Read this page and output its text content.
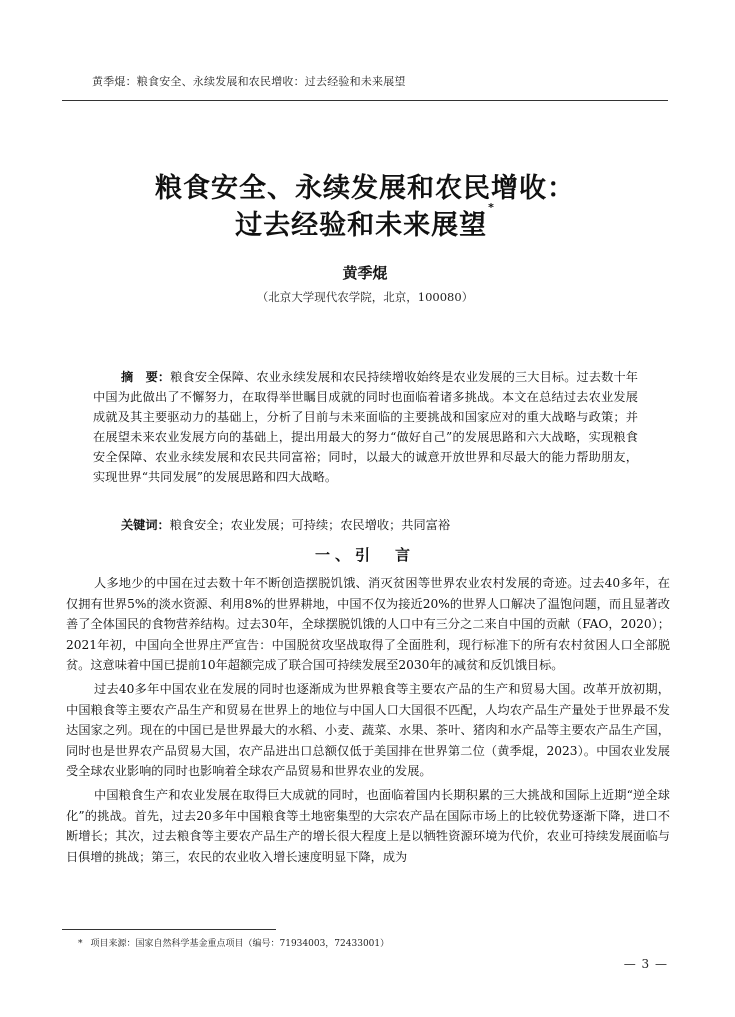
黄季焜：粮食安全、永续发展和农民增收：过去经验和未来展望
粮食安全、永续发展和农民增收：
过去经验和未来展望*
黄季焜
（北京大学现代农学院，北京，100080）
摘　要：粮食安全保障、农业永续发展和农民持续增收始终是农业发展的三大目标。过去数十年中国为此做出了不懈努力，在取得举世瞩目成就的同时也面临着诸多挑战。本文在总结过去农业发展成就及其主要驱动力的基础上，分析了目前与未来面临的主要挑战和国家应对的重大战略与政策；并在展望未来农业发展方向的基础上，提出用最大的努力“做好自己”的发展思路和六大战略，实现粮食安全保障、农业永续发展和农民共同富裕；同时，以最大的诚意开放世界和尽最大的能力帮助朋友，实现世界“共同发展”的发展思路和四大战略。
关键词：粮食安全；农业发展；可持续；农民增收；共同富裕
一、引　言

人多地少的中国在过去数十年不断创造摆脱饥饿、消灭贫困等世界农业农村发展的奇迹。过去40多年，在仅拥有世界5%的淡水资源、利用8%的世界耕地，中国不仅为接近20%的世界人口解决了温饱问题，而且显著改善了全体国民的食物营养结构。过去30年，全球摆脱饥饿的人口中有三分之二来自中国的贡献（FAO，2020）；2021年初，中国向全世界庄严宣告：中国脱贫攻坚战取得了全面胜利，现行标准下的所有农村贫困人口全部脱贫。这意味着中国已提前10年超额完成了联合国可持续发展至2030年的减贫和反饥饿目标。

过去40多年中国农业在发展的同时也逐渐成为世界粮食等主要农产品的生产和贸易大国。改革开放初期，中国粮食等主要农产品生产和贸易在世界上的地位与中国人口大国很不匹配，人均农产品生产量处于世界最不发达国家之列。现在的中国已是世界最大的水稻、小麦、蔬菜、水果、茶叶、猪肉和水产品等主要农产品生产国，同时也是世界农产品贸易大国，农产品进出口总额仅低于美国排在世界第二位（黄季焜，2023）。中国农业发展受全球农业影响的同时也影响着全球农产品贸易和世界农业的发展。

中国粮食生产和农业发展在取得巨大成就的同时，也面临着国内长期积累的三大挑战和国际上近期“逆全球化”的挑战。首先，过去20多年中国粮食等土地密集型的大宗农产品在国际市场上的比较优势逐渐下降，进口不断增长；其次，过去粮食等主要农产品生产的增长很大程度上是以牺牲资源环境为代价，农业可持续发展面临与日俱增的挑战；第三，农民的农业收入增长速度明显下降，成为

* 项目来源：国家自然科学基金重点项目（编号：71934003，72433001）
— 3 —
